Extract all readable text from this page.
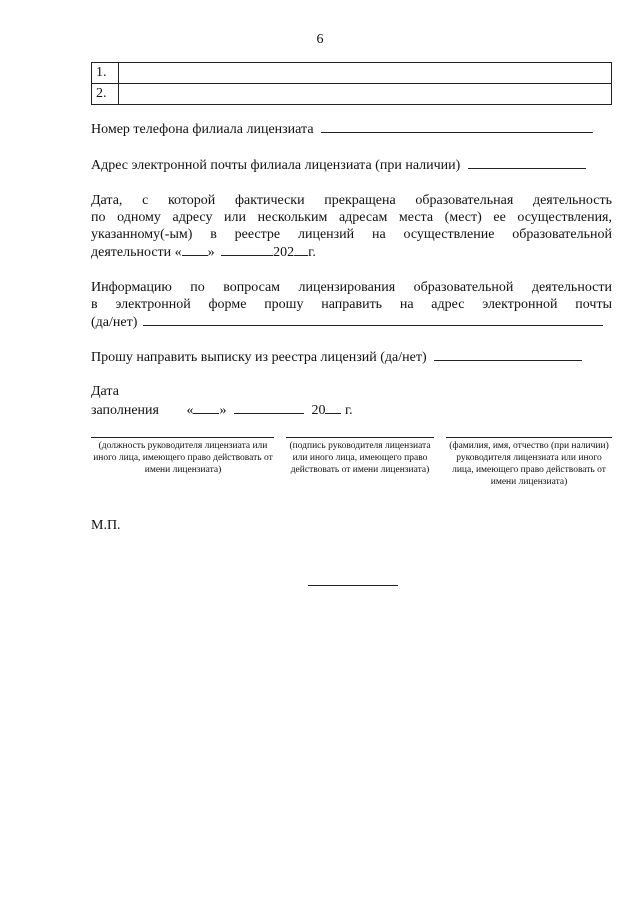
6
1.	
2.	
Номер телефона филиала лицензиата
Адрес электронной почты филиала лицензиата (при наличии)
Дата, с которой фактически прекращена образовательная деятельность
по одному адресу или нескольким адресам места (мест) ее осуществления,
указанному(-ым) в реестре лицензий на осуществление образовательной
деятельности « »	202 г.
Информацию по вопросам лицензирования образовательной деятельности
в электронной форме прошу направить на адрес электронной почты
(да/нет)
Прошу направить выписку из реестра лицензий (да/нет)
Дата
заполнения « »	20 г.
(должность руководителя лицензиата или иного лица, имеющего право действовать от имени лицензиата)
(подпись руководителя лицензиата или иного лица, имеющего право действовать от имени лицензиата)
(фамилия, имя, отчество (при наличии) руководителя лицензиата или иного лица, имеющего право действовать от имени лицензиата)
М.П.
